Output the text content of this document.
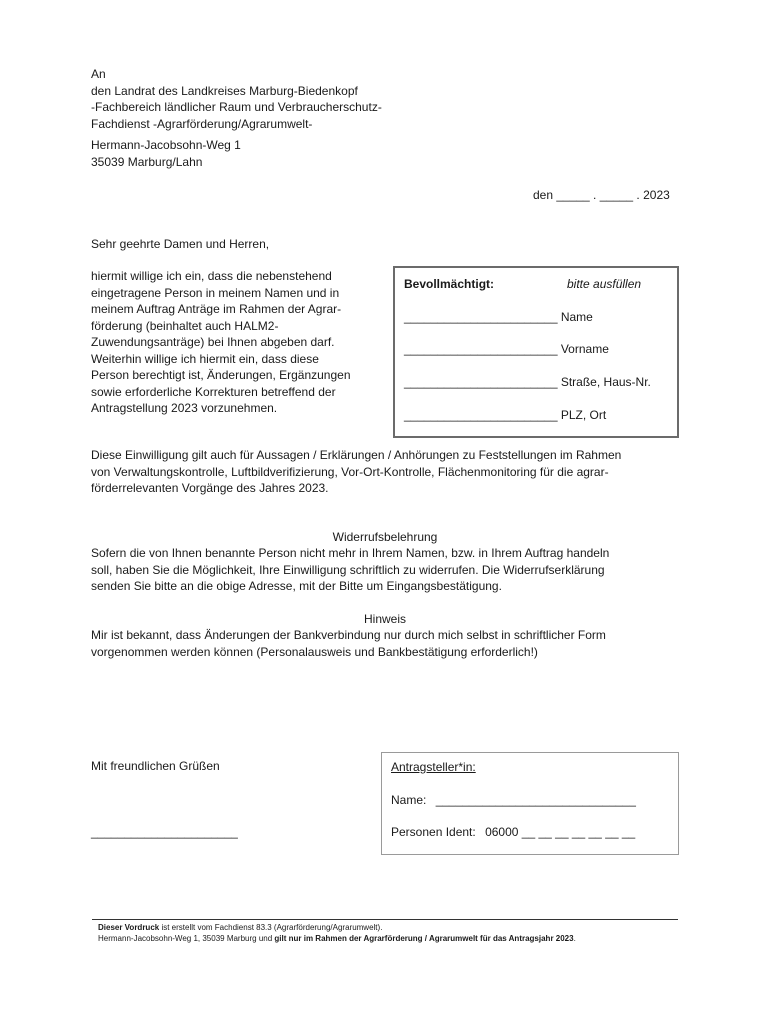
An
den Landrat des Landkreises Marburg-Biedenkopf
-Fachbereich ländlicher Raum und Verbraucherschutz-
Fachdienst -Agrarförderung/Agrarumwelt-
Hermann-Jacobsohn-Weg 1
35039 Marburg/Lahn
den _____ . _____ . 2023
Sehr geehrte Damen und Herren,
hiermit willige ich ein, dass die nebenstehend
eingetragene Person in meinem Namen und in
meinem Auftrag Anträge im Rahmen der Agrar-
förderung (beinhaltet auch HALM2-
Zuwendungsanträge) bei Ihnen abgeben darf.
Weiterhin willige ich hiermit ein, dass diese
Person berechtigt ist, Änderungen, Ergänzungen
sowie erforderliche Korrekturen betreffend der
Antragstellung 2023 vorzunehmen.
Bevollmächtigt:	bitte ausfüllen
_______________________ Name
_______________________ Vorname
_______________________ Straße, Haus-Nr.
_______________________ PLZ, Ort
Diese Einwilligung gilt auch für Aussagen / Erklärungen / Anhörungen zu Feststellungen im Rahmen
von Verwaltungskontrolle, Luftbildverifizierung, Vor-Ort-Kontrolle, Flächenmonitoring für die agrar-
förderrelevanten Vorgänge des Jahres 2023.
Widerrufsbelehrung
Sofern die von Ihnen benannte Person nicht mehr in Ihrem Namen, bzw. in Ihrem Auftrag handeln
soll, haben Sie die Möglichkeit, Ihre Einwilligung schriftlich zu widerrufen. Die Widerrufserklärung
senden Sie bitte an die obige Adresse, mit der Bitte um Eingangsbestätigung.
Hinweis
Mir ist bekannt, dass Änderungen der Bankverbindung nur durch mich selbst in schriftlicher Form
vorgenommen werden können (Personalausweis und Bankbestätigung erforderlich!)
Mit freundlichen Grüßen
______________________
Antragsteller*in:
Name: ______________________________
Personen Ident: 06000 __ __ __ __ __ __ __
Dieser Vordruck ist erstellt vom Fachdienst 83.3 (Agrarförderung/Agrarumwelt).
Hermann-Jacobsohn-Weg 1, 35039 Marburg und gilt nur im Rahmen der Agrarförderung / Agrarumwelt für das Antragsjahr 2023.
